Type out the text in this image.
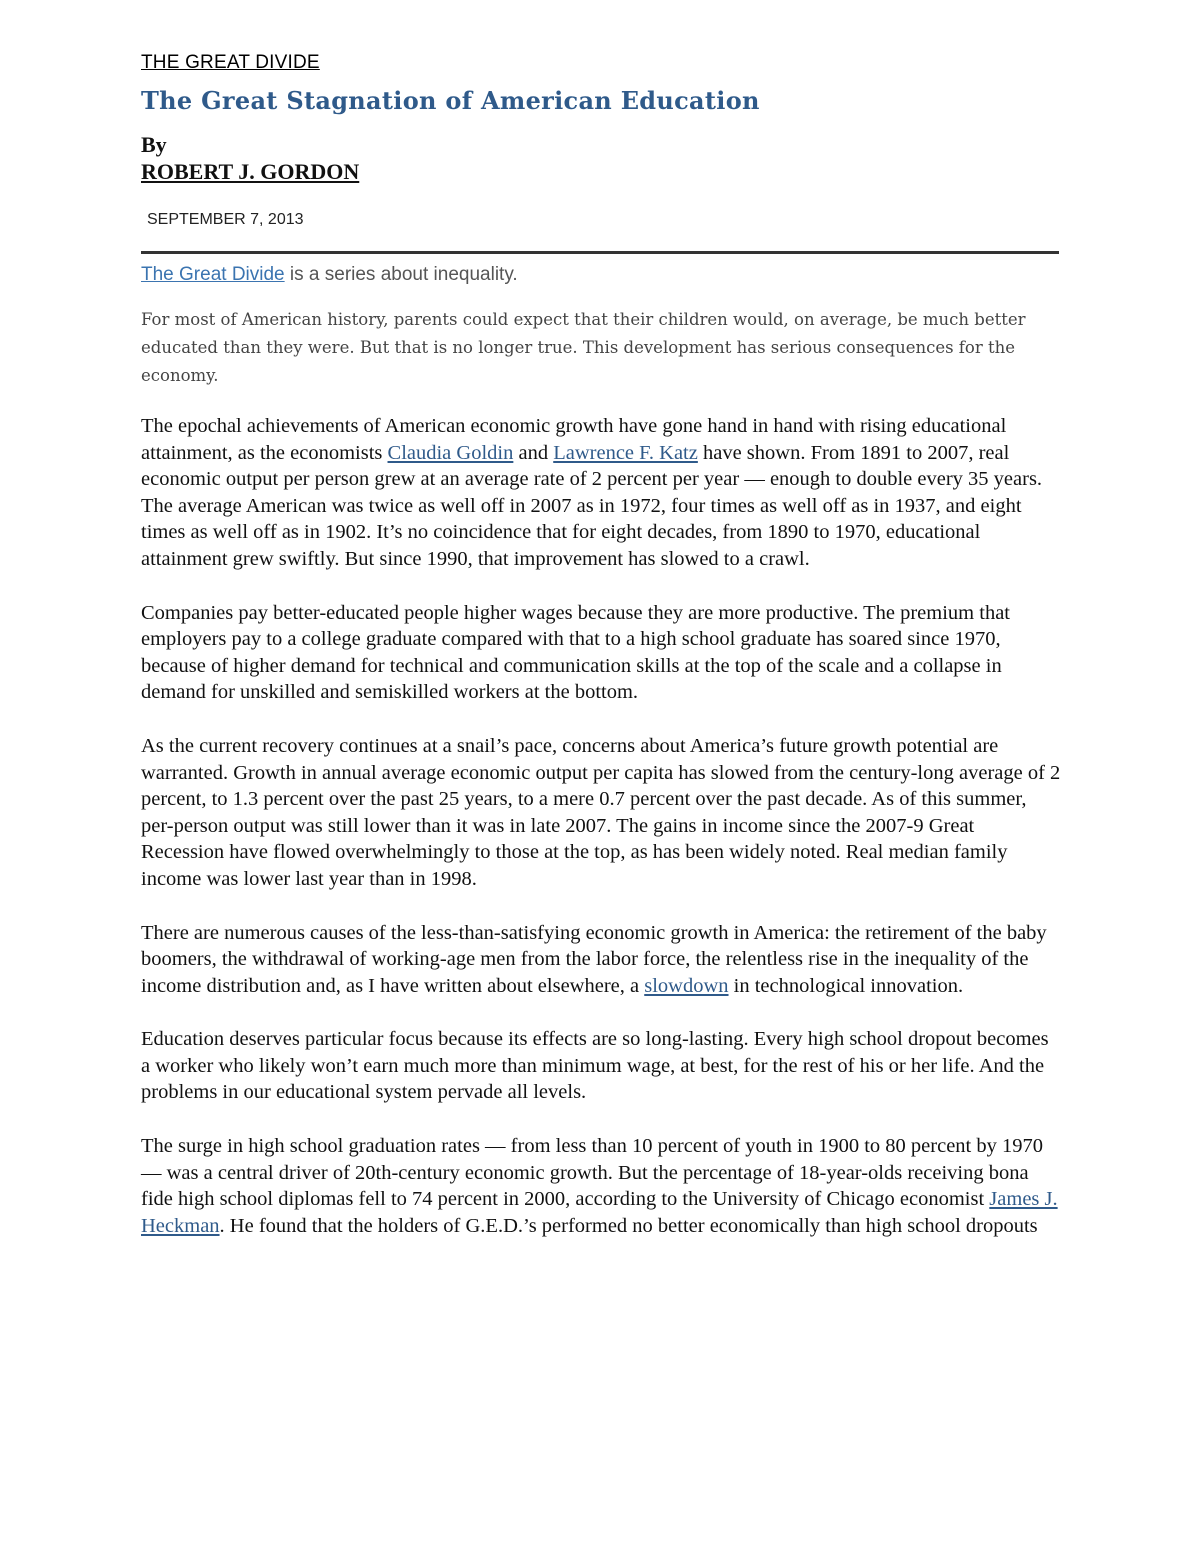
THE GREAT DIVIDE
The Great Stagnation of American Education
By
ROBERT J. GORDON
SEPTEMBER 7, 2013

The Great Divide is a series about inequality.

For most of American history, parents could expect that their children would, on average, be much better educated than they were. But that is no longer true. This development has serious consequences for the economy.

The epochal achievements of American economic growth have gone hand in hand with rising educational attainment, as the economists Claudia Goldin and Lawrence F. Katz have shown. From 1891 to 2007, real economic output per person grew at an average rate of 2 percent per year — enough to double every 35 years. The average American was twice as well off in 2007 as in 1972, four times as well off as in 1937, and eight times as well off as in 1902. It’s no coincidence that for eight decades, from 1890 to 1970, educational attainment grew swiftly. But since 1990, that improvement has slowed to a crawl.

Companies pay better-educated people higher wages because they are more productive. The premium that employers pay to a college graduate compared with that to a high school graduate has soared since 1970, because of higher demand for technical and communication skills at the top of the scale and a collapse in demand for unskilled and semiskilled workers at the bottom.

As the current recovery continues at a snail’s pace, concerns about America’s future growth potential are warranted. Growth in annual average economic output per capita has slowed from the century-long average of 2 percent, to 1.3 percent over the past 25 years, to a mere 0.7 percent over the past decade. As of this summer, per-person output was still lower than it was in late 2007. The gains in income since the 2007-9 Great Recession have flowed overwhelmingly to those at the top, as has been widely noted. Real median family income was lower last year than in 1998.

There are numerous causes of the less-than-satisfying economic growth in America: the retirement of the baby boomers, the withdrawal of working-age men from the labor force, the relentless rise in the inequality of the income distribution and, as I have written about elsewhere, a slowdown in technological innovation.

Education deserves particular focus because its effects are so long-lasting. Every high school dropout becomes a worker who likely won’t earn much more than minimum wage, at best, for the rest of his or her life. And the problems in our educational system pervade all levels.

The surge in high school graduation rates — from less than 10 percent of youth in 1900 to 80 percent by 1970 — was a central driver of 20th-century economic growth. But the percentage of 18-year-olds receiving bona fide high school diplomas fell to 74 percent in 2000, according to the University of Chicago economist James J. Heckman. He found that the holders of G.E.D.’s performed no better economically than high school dropouts
